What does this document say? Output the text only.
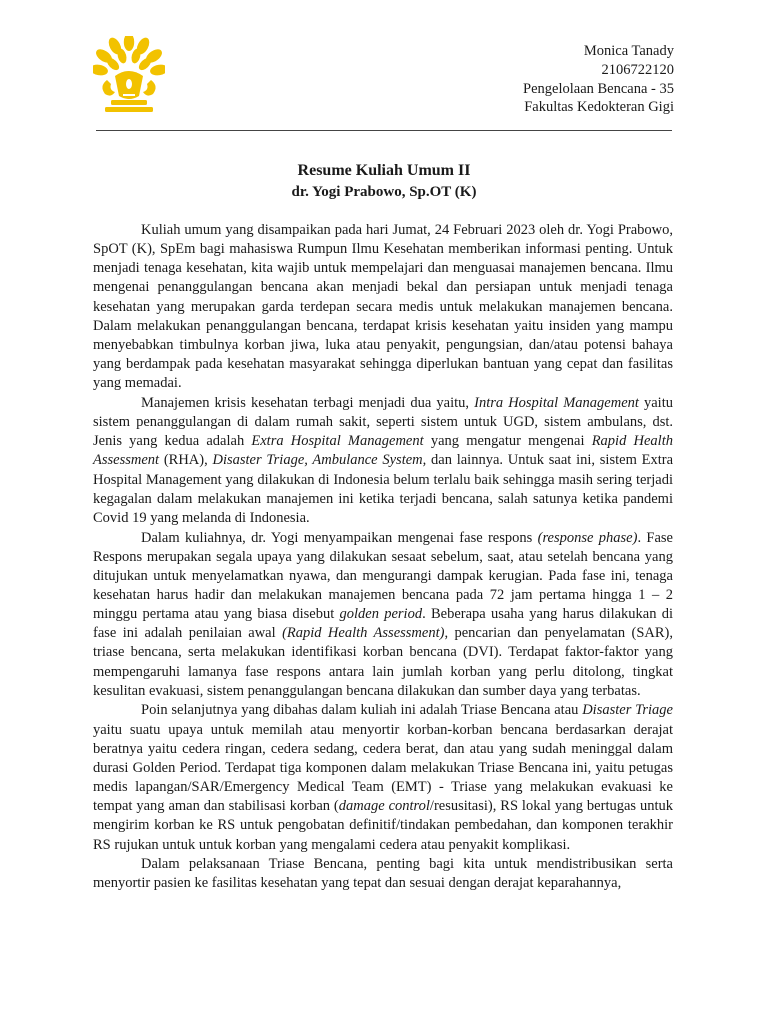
Monica Tanady
2106722120
Pengelolaan Bencana - 35
Fakultas Kedokteran Gigi
Resume Kuliah Umum II
dr. Yogi Prabowo, Sp.OT (K)

Kuliah umum yang disampaikan pada hari Jumat, 24 Februari 2023 oleh dr. Yogi Prabowo, SpOT (K), SpEm bagi mahasiswa Rumpun Ilmu Kesehatan memberikan informasi penting. Untuk menjadi tenaga kesehatan, kita wajib untuk mempelajari dan menguasai manajemen bencana. Ilmu mengenai penanggulangan bencana akan menjadi bekal dan persiapan untuk menjadi tenaga kesehatan yang merupakan garda terdepan secara medis untuk melakukan manajemen bencana. Dalam melakukan penanggulangan bencana, terdapat krisis kesehatan yaitu insiden yang mampu menyebabkan timbulnya korban jiwa, luka atau penyakit, pengungsian, dan/atau potensi bahaya yang berdampak pada kesehatan masyarakat sehingga diperlukan bantuan yang cepat dan fasilitas yang memadai.

Manajemen krisis kesehatan terbagi menjadi dua yaitu, Intra Hospital Management yaitu sistem penanggulangan di dalam rumah sakit, seperti sistem untuk UGD, sistem ambulans, dst. Jenis yang kedua adalah Extra Hospital Management yang mengatur mengenai Rapid Health Assessment (RHA), Disaster Triage, Ambulance System, dan lainnya. Untuk saat ini, sistem Extra Hospital Management yang dilakukan di Indonesia belum terlalu baik sehingga masih sering terjadi kegagalan dalam melakukan manajemen ini ketika terjadi bencana, salah satunya ketika pandemi Covid 19 yang melanda di Indonesia.

Dalam kuliahnya, dr. Yogi menyampaikan mengenai fase respons (response phase). Fase Respons merupakan segala upaya yang dilakukan sesaat sebelum, saat, atau setelah bencana yang ditujukan untuk menyelamatkan nyawa, dan mengurangi dampak kerugian. Pada fase ini, tenaga kesehatan harus hadir dan melakukan manajemen bencana pada 72 jam pertama hingga 1 – 2 minggu pertama atau yang biasa disebut golden period. Beberapa usaha yang harus dilakukan di fase ini adalah penilaian awal (Rapid Health Assessment), pencarian dan penyelamatan (SAR), triase bencana, serta melakukan identifikasi korban bencana (DVI). Terdapat faktor-faktor yang mempengaruhi lamanya fase respons antara lain jumlah korban yang perlu ditolong, tingkat kesulitan evakuasi, sistem penanggulangan bencana dilakukan dan sumber daya yang terbatas.

Poin selanjutnya yang dibahas dalam kuliah ini adalah Triase Bencana atau Disaster Triage yaitu suatu upaya untuk memilah atau menyortir korban-korban bencana berdasarkan derajat beratnya yaitu cedera ringan, cedera sedang, cedera berat, dan atau yang sudah meninggal dalam durasi Golden Period. Terdapat tiga komponen dalam melakukan Triase Bencana ini, yaitu petugas medis lapangan/SAR/Emergency Medical Team (EMT) - Triase yang melakukan evakuasi ke tempat yang aman dan stabilisasi korban (damage control/resusitasi), RS lokal yang bertugas untuk mengirim korban ke RS untuk pengobatan definitif/tindakan pembedahan, dan komponen terakhir RS rujukan untuk untuk korban yang mengalami cedera atau penyakit komplikasi.

Dalam pelaksanaan Triase Bencana, penting bagi kita untuk mendistribusikan serta menyortir pasien ke fasilitas kesehatan yang tepat dan sesuai dengan derajat keparahannya,
